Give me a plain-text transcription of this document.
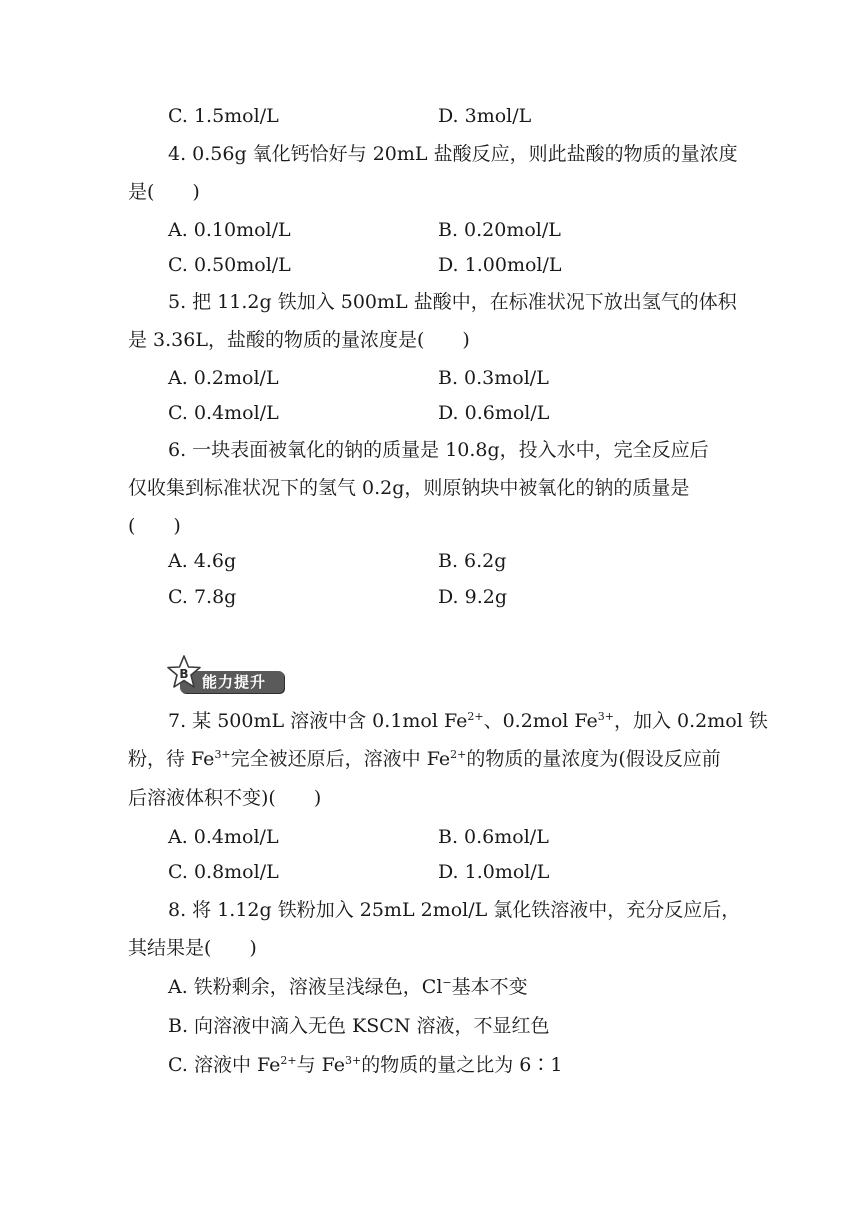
C. 1.5mol/L	D. 3mol/L
4. 0.56g 氧化钙恰好与 20mL 盐酸反应，则此盐酸的物质的量浓度
是(　　)
A. 0.10mol/L	B. 0.20mol/L
C. 0.50mol/L	D. 1.00mol/L
5. 把 11.2g 铁加入 500mL 盐酸中，在标准状况下放出氢气的体积
是 3.36L，盐酸的物质的量浓度是(　　)
A. 0.2mol/L	B. 0.3mol/L
C. 0.4mol/L	D. 0.6mol/L
6. 一块表面被氧化的钠的质量是 10.8g，投入水中，完全反应后
仅收集到标准状况下的氢气 0.2g，则原钠块中被氧化的钠的质量是
(　　)
A. 4.6g	B. 6.2g
C. 7.8g	D. 9.2g
能力提升
B
7. 某 500mL 溶液中含 0.1mol $Fe^{2+}$、0.2mol $Fe^{3+}$，加入 0.2mol 铁
粉，待 $Fe^{3+}$完全被还原后，溶液中 $Fe^{2+}$的物质的量浓度为(假设反应前
后溶液体积不变)(　　)
A. 0.4mol/L	B. 0.6mol/L
C. 0.8mol/L	D. 1.0mol/L
8. 将 1.12g 铁粉加入 25mL 2mol/L 氯化铁溶液中，充分反应后，
其结果是(　　)
A. 铁粉剩余，溶液呈浅绿色，Cl−基本不变
B. 向溶液中滴入无色 KSCN 溶液，不显红色
C. 溶液中 $Fe^{2+}$与 $Fe^{3+}$的物质的量之比为 6∶1
